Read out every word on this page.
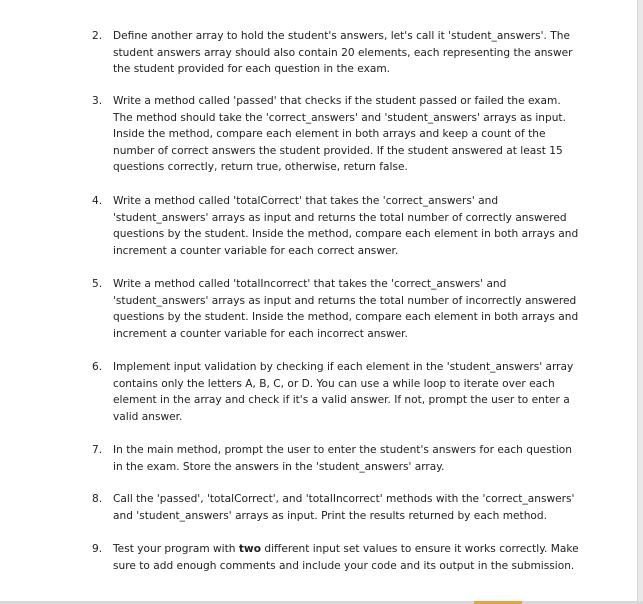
2. Define another array to hold the student's answers, let's call it 'student_answers'. The student answers array should also contain 20 elements, each representing the answer the student provided for each question in the exam.
3. Write a method called 'passed' that checks if the student passed or failed the exam. The method should take the 'correct_answers' and 'student_answers' arrays as input. Inside the method, compare each element in both arrays and keep a count of the number of correct answers the student provided. If the student answered at least 15 questions correctly, return true, otherwise, return false.
4. Write a method called 'totalCorrect' that takes the 'correct_answers' and 'student_answers' arrays as input and returns the total number of correctly answered questions by the student. Inside the method, compare each element in both arrays and increment a counter variable for each correct answer.
5. Write a method called 'totalIncorrect' that takes the 'correct_answers' and 'student_answers' arrays as input and returns the total number of incorrectly answered questions by the student. Inside the method, compare each element in both arrays and increment a counter variable for each incorrect answer.
6. Implement input validation by checking if each element in the 'student_answers' array contains only the letters A, B, C, or D. You can use a while loop to iterate over each element in the array and check if it's a valid answer. If not, prompt the user to enter a valid answer.
7. In the main method, prompt the user to enter the student's answers for each question in the exam. Store the answers in the 'student_answers' array.
8. Call the 'passed', 'totalCorrect', and 'totalIncorrect' methods with the 'correct_answers' and 'student_answers' arrays as input. Print the results returned by each method.
9. Test your program with two different input set values to ensure it works correctly. Make sure to add enough comments and include your code and its output in the submission.
